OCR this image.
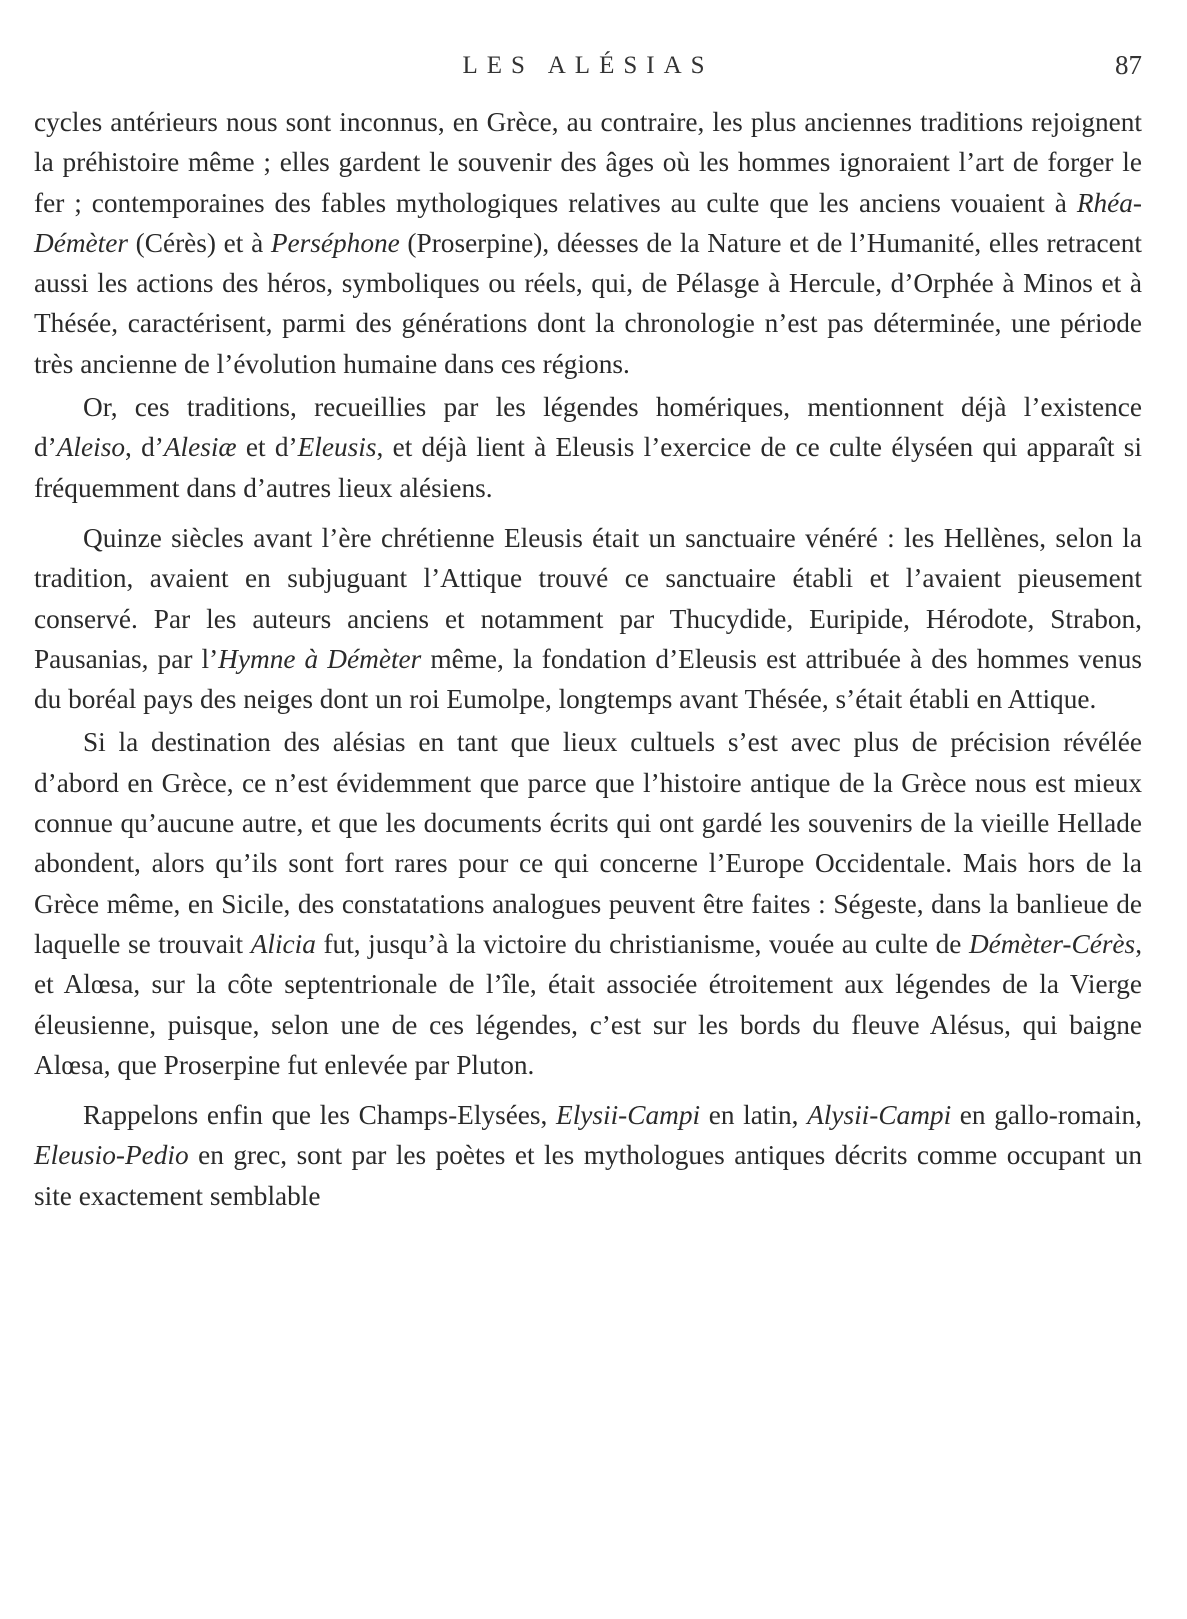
LES ALÉSIAS	87

cycles antérieurs nous sont inconnus, en Grèce, au contraire, les plus anciennes traditions rejoignent la préhistoire même ; elles gardent le souvenir des âges où les hommes ignoraient l’art de forger le fer ; contemporaines des fables mythologiques relatives au culte que les anciens vouaient à Rhéa-Démèter (Cérès) et à Perséphone (Proserpine), déesses de la Nature et de l’Humanité, elles retracent aussi les actions des héros, symboliques ou réels, qui, de Pélasge à Hercule, d’Orphée à Minos et à Thésée, caractérisent, parmi des générations dont la chronologie n’est pas déterminée, une période très ancienne de l’évolution humaine dans ces régions.

Or, ces traditions, recueillies par les légendes homériques, mentionnent déjà l’existence d’Aleiso, d’Alesiæ et d’Eleusis, et déjà lient à Eleusis l’exercice de ce culte élyséen qui apparaît si fréquemment dans d’autres lieux alésiens.

Quinze siècles avant l’ère chrétienne Eleusis était un sanctuaire vénéré : les Hellènes, selon la tradition, avaient en subjuguant l’Attique trouvé ce sanctuaire établi et l’avaient pieusement conservé. Par les auteurs anciens et notamment par Thucydide, Euripide, Hérodote, Strabon, Pausanias, par l’Hymne à Démèter même, la fondation d’Eleusis est attribuée à des hommes venus du boréal pays des neiges dont un roi Eumolpe, longtemps avant Thésée, s’était établi en Attique.

Si la destination des alésias en tant que lieux cultuels s’est avec plus de précision révélée d’abord en Grèce, ce n’est évidemment que parce que l’histoire antique de la Grèce nous est mieux connue qu’aucune autre, et que les documents écrits qui ont gardé les souvenirs de la vieille Hellade abondent, alors qu’ils sont fort rares pour ce qui concerne l’Europe Occidentale. Mais hors de la Grèce même, en Sicile, des constatations analogues peuvent être faites : Ségeste, dans la banlieue de laquelle se trouvait Alicia fut, jusqu’à la victoire du christianisme, vouée au culte de Démèter-Cérès, et Alœsa, sur la côte septentrionale de l’île, était associée étroitement aux légendes de la Vierge éleusienne, puisque, selon une de ces légendes, c’est sur les bords du fleuve Alésus, qui baigne Alœsa, que Proserpine fut enlevée par Pluton.

Rappelons enfin que les Champs-Elysées, Elysii-Campi en latin, Alysii-Campi en gallo-romain, Eleusio-Pedio en grec, sont par les poètes et les mythologues antiques décrits comme occupant un site exactement semblable
